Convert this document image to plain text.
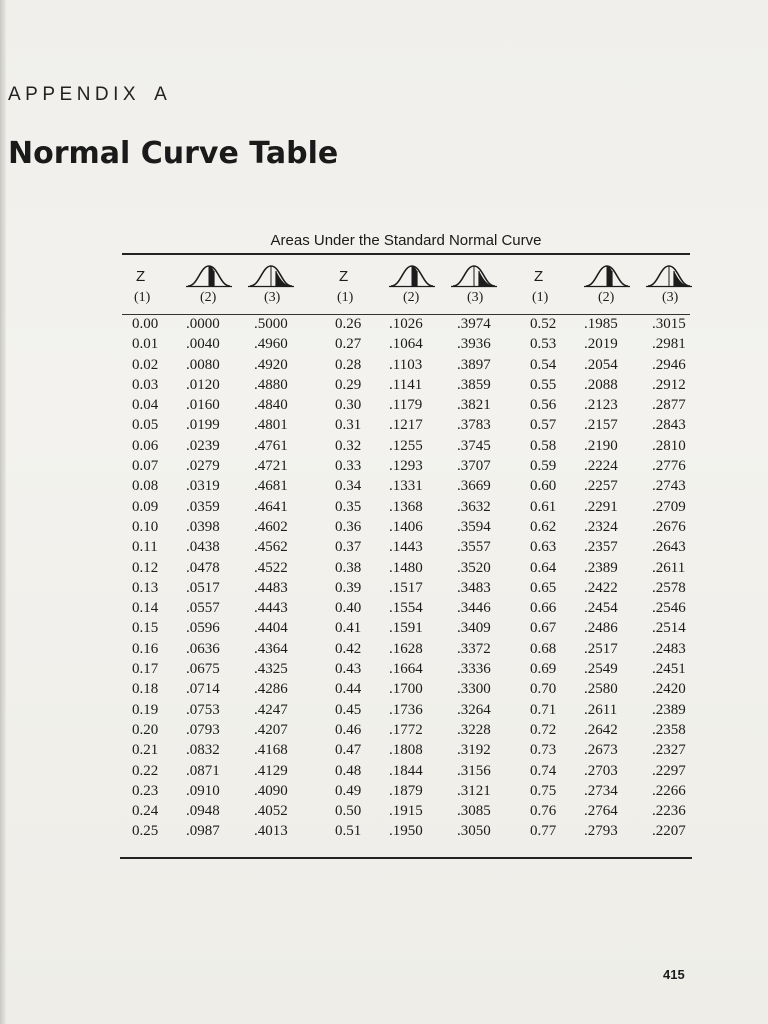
APPENDIX A
Normal Curve Table
Areas Under the Standard Normal Curve
Z
(1)	(2)	(3)
0.00 .0000 .5000
0.01 .0040 .4960
0.02 .0080 .4920
0.03 .0120 .4880
0.04 .0160 .4840
0.05 .0199 .4801
0.06 .0239 .4761
0.07 .0279 .4721
0.08 .0319 .4681
0.09 .0359 .4641
0.10 .0398 .4602
0.11 .0438 .4562
0.12 .0478 .4522
0.13 .0517 .4483
0.14 .0557 .4443
0.15 .0596 .4404
0.16 .0636 .4364
0.17 .0675 .4325
0.18 .0714 .4286
0.19 .0753 .4247
0.20 .0793 .4207
0.21 .0832 .4168
0.22 .0871 .4129
0.23 .0910 .4090
0.24 .0948 .4052
0.25 .0987 .4013
Z
(1)	(2)	(3)
0.26 .1026 .3974
0.27 .1064 .3936
0.28 .1103 .3897
0.29 .1141 .3859
0.30 .1179 .3821
0.31 .1217 .3783
0.32 .1255 .3745
0.33 .1293 .3707
0.34 .1331 .3669
0.35 .1368 .3632
0.36 .1406 .3594
0.37 .1443 .3557
0.38 .1480 .3520
0.39 .1517 .3483
0.40 .1554 .3446
0.41 .1591 .3409
0.42 .1628 .3372
0.43 .1664 .3336
0.44 .1700 .3300
0.45 .1736 .3264
0.46 .1772 .3228
0.47 .1808 .3192
0.48 .1844 .3156
0.49 .1879 .3121
0.50 .1915 .3085
0.51 .1950 .3050
Z
(1)	(2)	(3)
0.52 .1985 .3015
0.53 .2019 .2981
0.54 .2054 .2946
0.55 .2088 .2912
0.56 .2123 .2877
0.57 .2157 .2843
0.58 .2190 .2810
0.59 .2224 .2776
0.60 .2257 .2743
0.61 .2291 .2709
0.62 .2324 .2676
0.63 .2357 .2643
0.64 .2389 .2611
0.65 .2422 .2578
0.66 .2454 .2546
0.67 .2486 .2514
0.68 .2517 .2483
0.69 .2549 .2451
0.70 .2580 .2420
0.71 .2611 .2389
0.72 .2642 .2358
0.73 .2673 .2327
0.74 .2703 .2297
0.75 .2734 .2266
0.76 .2764 .2236
0.77 .2793 .2207
415
